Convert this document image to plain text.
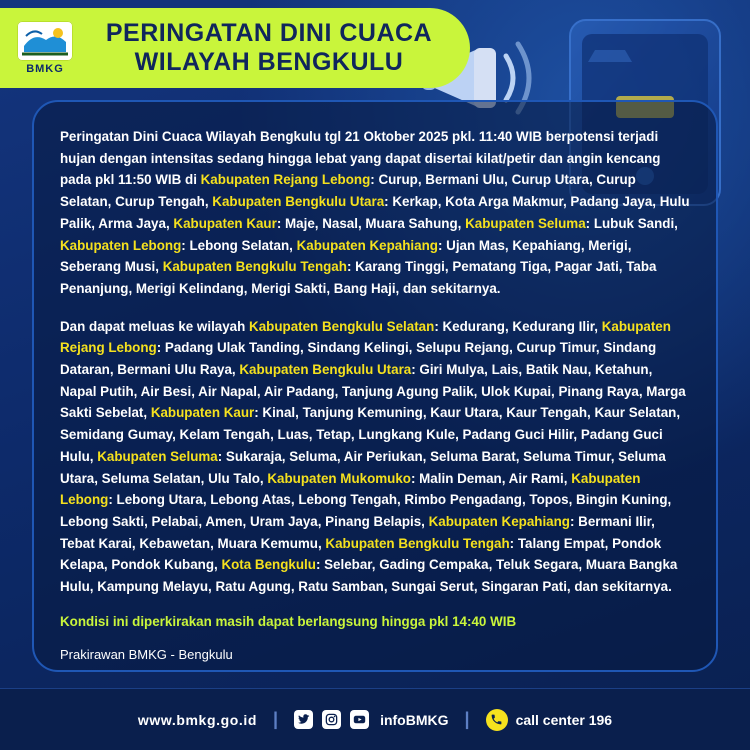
BMKG
PERINGATAN DINI CUACA
WILAYAH BENGKULU

Peringatan Dini Cuaca Wilayah Bengkulu tgl 21 Oktober 2025 pkl. 11:40 WIB berpotensi terjadi hujan dengan intensitas sedang hingga lebat yang dapat disertai kilat/petir dan angin kencang pada pkl 11:50 WIB di Kabupaten Rejang Lebong: Curup, Bermani Ulu, Curup Utara, Curup Selatan, Curup Tengah, Kabupaten Bengkulu Utara: Kerkap, Kota Arga Makmur, Padang Jaya, Hulu Palik, Arma Jaya, Kabupaten Kaur: Maje, Nasal, Muara Sahung, Kabupaten Seluma: Lubuk Sandi, Kabupaten Lebong: Lebong Selatan, Kabupaten Kepahiang: Ujan Mas, Kepahiang, Merigi, Seberang Musi, Kabupaten Bengkulu Tengah: Karang Tinggi, Pematang Tiga, Pagar Jati, Taba Penanjung, Merigi Kelindang, Merigi Sakti, Bang Haji, dan sekitarnya.

Dan dapat meluas ke wilayah Kabupaten Bengkulu Selatan: Kedurang, Kedurang Ilir, Kabupaten Rejang Lebong: Padang Ulak Tanding, Sindang Kelingi, Selupu Rejang, Curup Timur, Sindang Dataran, Bermani Ulu Raya, Kabupaten Bengkulu Utara: Giri Mulya, Lais, Batik Nau, Ketahun, Napal Putih, Air Besi, Air Napal, Air Padang, Tanjung Agung Palik, Ulok Kupai, Pinang Raya, Marga Sakti Sebelat, Kabupaten Kaur: Kinal, Tanjung Kemuning, Kaur Utara, Kaur Tengah, Kaur Selatan, Semidang Gumay, Kelam Tengah, Luas, Tetap, Lungkang Kule, Padang Guci Hilir, Padang Guci Hulu, Kabupaten Seluma: Sukaraja, Seluma, Air Periukan, Seluma Barat, Seluma Timur, Seluma Utara, Seluma Selatan, Ulu Talo, Kabupaten Mukomuko: Malin Deman, Air Rami, Kabupaten Lebong: Lebong Utara, Lebong Atas, Lebong Tengah, Rimbo Pengadang, Topos, Bingin Kuning, Lebong Sakti, Pelabai, Amen, Uram Jaya, Pinang Belapis, Kabupaten Kepahiang: Bermani Ilir, Tebat Karai, Kebawetan, Muara Kemumu, Kabupaten Bengkulu Tengah: Talang Empat, Pondok Kelapa, Pondok Kubang, Kota Bengkulu: Selebar, Gading Cempaka, Teluk Segara, Muara Bangka Hulu, Kampung Melayu, Ratu Agung, Ratu Samban, Sungai Serut, Singaran Pati, dan sekitarnya.

Kondisi ini diperkirakan masih dapat berlangsung hingga pkl 14:40 WIB

Prakirawan BMKG - Bengkulu

www.bmkg.go.id |	infoBMKG |	call center 196
